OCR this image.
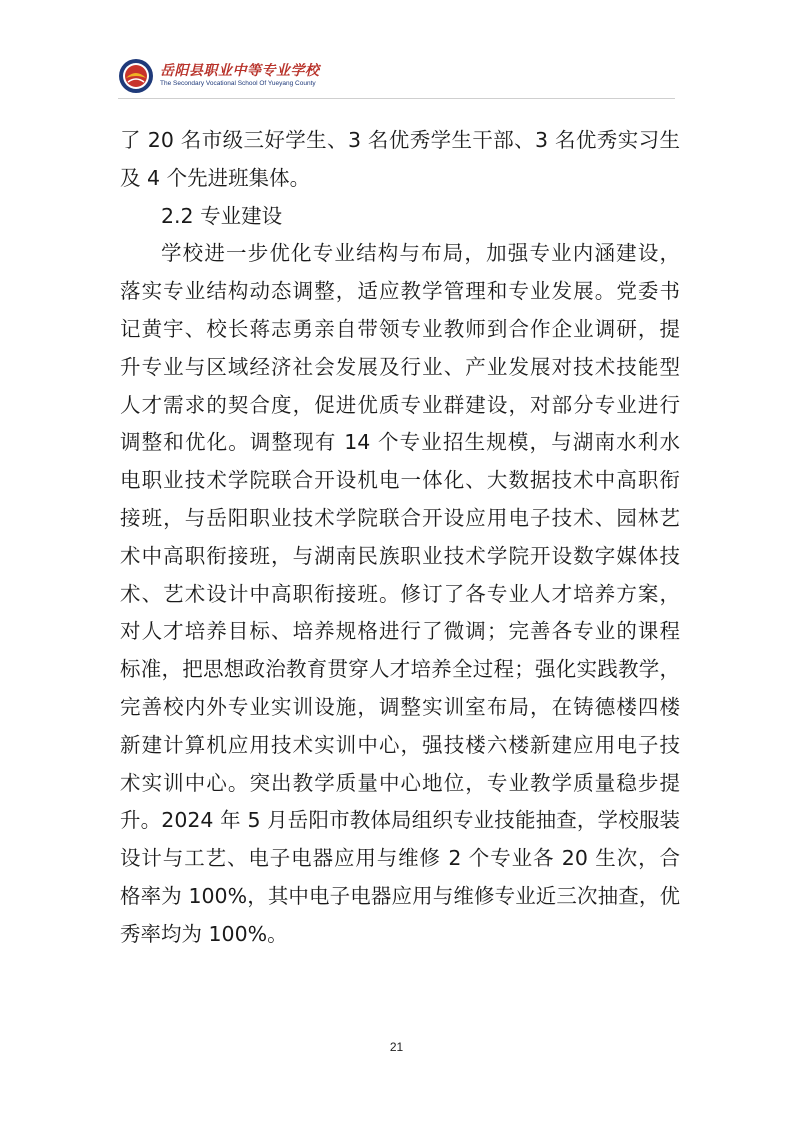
岳阳县职业中等专业学校
The Secondary Vocational School Of Yueyang County
了 20 名市级三好学生、3 名优秀学生干部、3 名优秀实习生
及 4 个先进班集体。
2.2 专业建设
学校进一步优化专业结构与布局，加强专业内涵建设，
落实专业结构动态调整，适应教学管理和专业发展。党委书
记黄宇、校长蒋志勇亲自带领专业教师到合作企业调研，提
升专业与区域经济社会发展及行业、产业发展对技术技能型
人才需求的契合度，促进优质专业群建设，对部分专业进行
调整和优化。调整现有 14 个专业招生规模，与湖南水利水
电职业技术学院联合开设机电一体化、大数据技术中高职衔
接班，与岳阳职业技术学院联合开设应用电子技术、园林艺
术中高职衔接班，与湖南民族职业技术学院开设数字媒体技
术、艺术设计中高职衔接班。修订了各专业人才培养方案，
对人才培养目标、培养规格进行了微调；完善各专业的课程
标准，把思想政治教育贯穿人才培养全过程；强化实践教学，
完善校内外专业实训设施，调整实训室布局，在铸德楼四楼
新建计算机应用技术实训中心，强技楼六楼新建应用电子技
术实训中心。突出教学质量中心地位，专业教学质量稳步提
升。2024 年 5 月岳阳市教体局组织专业技能抽查，学校服装
设计与工艺、电子电器应用与维修 2 个专业各 20 生次，合
格率为 100%，其中电子电器应用与维修专业近三次抽查，优
秀率均为 100%。
21
